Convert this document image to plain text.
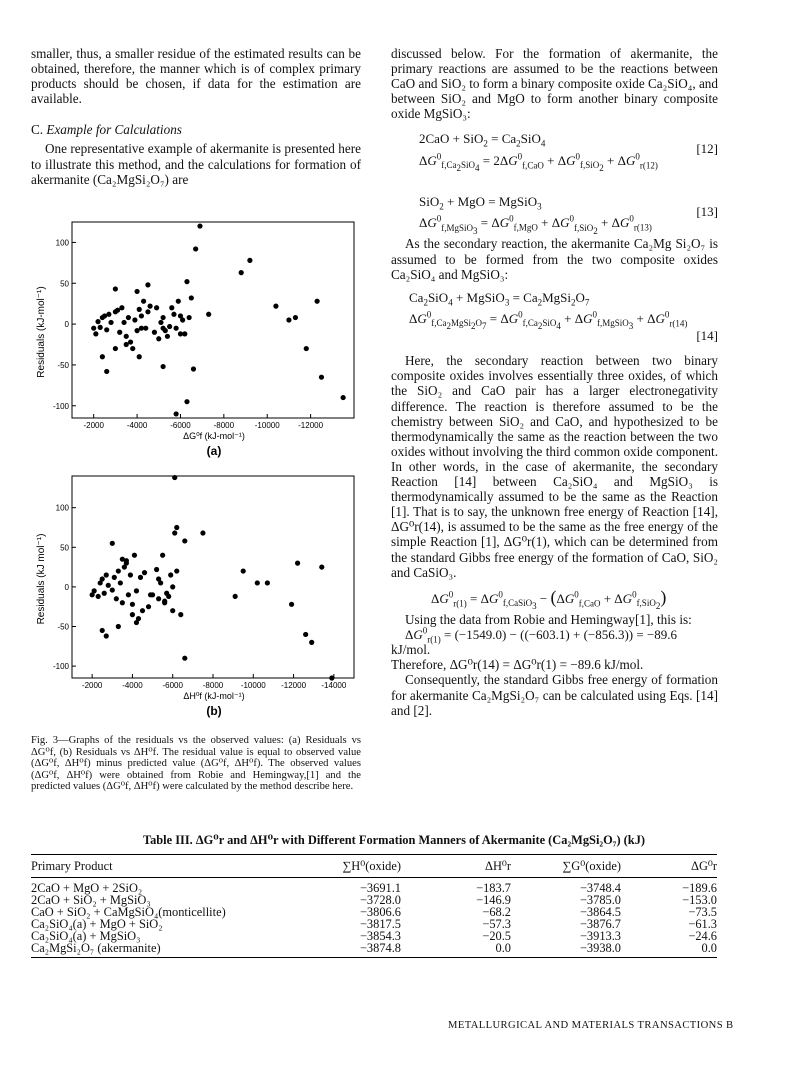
smaller, thus, a smaller residue of the estimated results can be obtained, therefore, the manner which is of complex primary products should be chosen, if data for the estimation are available.

C. Example for Calculations

One representative example of akermanite is presented here to illustrate this method, and the calculations for formation of akermanite (Ca₂MgSi₂O₇) are

Residuals (kJ-mol⁻¹)
ΔG⁰f (kJ-mol⁻¹)
(a)
100
50
0
-50
-100
-2000	-4000	-6000	-8000	-10000 -12000
Residuals (kJ mol⁻¹)
ΔH⁰f (kJ-mol⁻¹)
(b)
100
50
0
-50
-100
-2000 -4000 -6000 -8000 -10000 -12000 -14000
Fig. 3—Graphs of the residuals vs the observed values: (a) Residuals vs ΔG⁰f, (b) Residuals vs ΔH⁰f. The residual value is equal to observed value (ΔG⁰f, ΔH⁰f) minus predicted value (ΔG⁰f, ΔH⁰f). The observed values (ΔG⁰f, ΔH⁰f) were obtained from Robie and Hemingway,[1] and the predicted values (ΔG⁰f, ΔH⁰f) were calculated by the method describe here.

discussed below. For the formation of akermanite, the primary reactions are assumed to be the reactions between CaO and SiO₂ to form a binary composite oxide Ca₂SiO₄, and between SiO₂ and MgO to form another binary composite oxide MgSiO₃:

$2CaO + SiO_2 = Ca_2SiO_4$
$\Delta G^0_{f,Ca_2SiO_4} = 2\Delta G^0_{f,CaO} + \Delta G^0_{f,SiO_2} + \Delta G^0_{r(12)}$
[12]
SiO$_2$ + MgO = MgSiO$_3$
$\Delta G^0_{f,MgSiO_3} = \Delta G^0_{f,MgO} + \Delta G^0_{f,SiO_2} + \Delta G^0_{r(13)}$
[13]

As the secondary reaction, the akermanite Ca₂Mg Si₂O₇ is assumed to be formed from the two composite oxides Ca₂SiO₄ and MgSiO₃:

$Ca_2SiO_4$ + MgSiO$_3$ = $Ca_2MgSi_2O_7$
$\Delta G^0_{f,Ca_2MgSi_2O_7} = \Delta G^0_{f,Ca_2SiO_4} + \Delta G^0_{f,MgSiO_3} + \Delta G^0_{r(14)}$
[14]

Here, the secondary reaction between two binary composite oxides involves essentially three oxides, of which the SiO₂ and CaO pair has a larger electronegativity difference. The reaction is therefore assumed to be the chemistry between SiO₂ and CaO, and hypothesized to be thermodynamically the same as the reaction between the two oxides without involving the third common oxide component. In other words, in the case of akermanite, the secondary Reaction [14] between Ca₂SiO₄ and MgSiO₃ is thermodynamically assumed to be the same as the Reaction [1]. That is to say, the unknown free energy of Reaction [14], ΔG⁰r(14), is assumed to be the same as the free energy of the simple Reaction [1], ΔG⁰r(1), which can be determined from the standard Gibbs free energy of the formation of CaO, SiO₂ and CaSiO₃.

$\Delta G^0_{r(1)} = \Delta G^0_{f,CaSiO_3} - (\Delta G^0_{f,CaO} + \Delta G^0_{f,SiO_2})$

Using the data from Robie and Hemingway[1], this is:

$\Delta G^0_{r(1)} = (-1549.0) - ((-603.1) + (-856.3)) = -89.6$
kJ/mol.

Therefore, ΔG⁰r(14) = ΔG⁰r(1) = −89.6 kJ/mol.

Consequently, the standard Gibbs free energy of formation for akermanite Ca₂MgSi₂O₇ can be calculated using Eqs. [14] and [2].

Table III. ΔG⁰r and ΔH⁰r with Different Formation Manners of Akermanite (Ca₂MgSi₂O₇) (kJ)
Primary Product	∑H⁰(oxide)	ΔH⁰r	∑G⁰(oxide)	ΔG⁰r
2CaO + MgO + 2SiO₂	−3691.1	−183.7	−3748.4	−189.6
2CaO + SiO₂ + MgSiO₃	−3728.0	−146.9	−3785.0	−153.0
CaO + SiO₂ + CaMgSiO₄(monticellite)	−3806.6	−68.2	−3864.5	−73.5
Ca₂SiO₄(a) + MgO + SiO₂	−3817.5	−57.3	−3876.7	−61.3
Ca₂SiO₄(a) + MgSiO₃	−3854.3	−20.5	−3913.3	−24.6
Ca₂MgSi₂O₇ (akermanite)	−3874.8	0.0	−3938.0	0.0
METALLURGICAL AND MATERIALS TRANSACTIONS B
